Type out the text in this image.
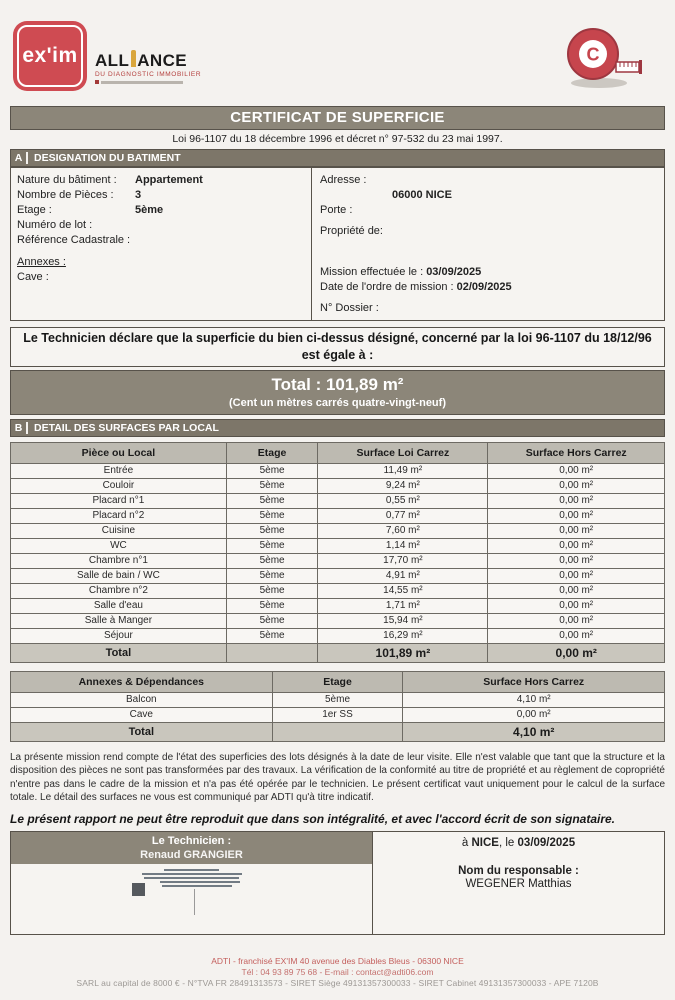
ex'im ALL ANCE
DU DIAGNOSTIC IMMOBILIER
C
CERTIFICAT DE SUPERFICIE
Loi 96-1107 du 18 décembre 1996 et décret n° 97-532 du 23 mai 1997.
A	DESIGNATION DU BATIMENT
Nature du bâtiment :	Appartement
Nombre de Pièces :	3
Etage :	5ème
Numéro de lot :
Référence Cadastrale :
Annexes :
Cave :
Adresse :
06000 NICE
Porte :
Propriété de:
Mission effectuée le : 03/09/2025
Date de l'ordre de mission : 02/09/2025
N° Dossier :
Le Technicien déclare que la superficie du bien ci-dessus désigné, concerné par la loi 96-1107 du 18/12/96 est égale à :
Total : 101,89 m²
(Cent un mètres carrés quatre-vingt-neuf)
B	DETAIL DES SURFACES PAR LOCAL
Pièce ou Local	Etage	Surface Loi Carrez	Surface Hors Carrez
Entrée	5ème	11,49 m²	0,00 m²
Couloir	5ème	9,24 m²	0,00 m²
Placard n°1	5ème	0,55 m²	0,00 m²
Placard n°2	5ème	0,77 m²	0,00 m²
Cuisine	5ème	7,60 m²	0,00 m²
WC	5ème	1,14 m²	0,00 m²
Chambre n°1	5ème	17,70 m²	0,00 m²
Salle de bain / WC	5ème	4,91 m²	0,00 m²
Chambre n°2	5ème	14,55 m²	0,00 m²
Salle d'eau	5ème	1,71 m²	0,00 m²
Salle à Manger	5ème	15,94 m²	0,00 m²
Séjour	5ème	16,29 m²	0,00 m²
Total		101,89 m²	0,00 m²
Annexes & Dépendances	Etage	Surface Hors Carrez
Balcon	5ème	4,10 m²
Cave	1er SS	0,00 m²
Total		4,10 m²
La présente mission rend compte de l'état des superficies des lots désignés à la date de leur visite. Elle n'est valable que tant que la structure et la disposition des pièces ne sont pas transformées par des travaux. La vérification de la conformité au titre de propriété et au règlement de copropriété n'entre pas dans le cadre de la mission et n'a pas été opérée par le technicien. Le présent certificat vaut uniquement pour le calcul de la surface totale. Le détail des surfaces ne vous est communiqué par ADTI qu'à titre indicatif.
Le présent rapport ne peut être reproduit que dans son intégralité, et avec l'accord écrit de son signataire.
Le Technicien :
Renaud GRANGIER
à NICE, le 03/09/2025
Nom du responsable :
WEGENER Matthias
ADTI - franchisé EX'IM 40 avenue des Diables Bleus - 06300 NICE
Tél : 04 93 89 75 68 - E-mail : contact@adti06.com
SARL au capital de 8000 € - N°TVA FR 28491313573 - SIRET Siège 49131357300033 - SIRET Cabinet 49131357300033 - APE 7120B
